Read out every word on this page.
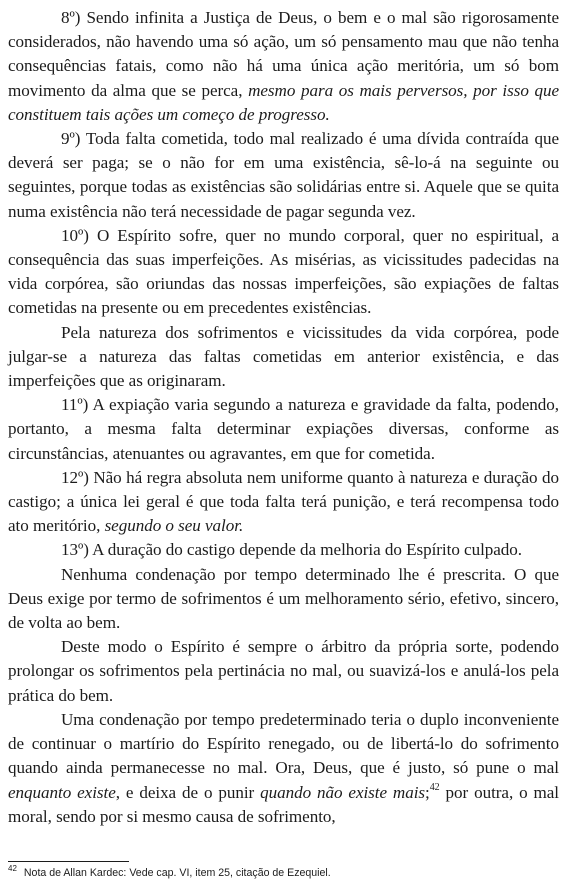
8º) Sendo infinita a Justiça de Deus, o bem e o mal são rigorosamente considerados, não havendo uma só ação, um só pensamento mau que não tenha consequências fatais, como não há uma única ação meritória, um só bom movimento da alma que se perca, mesmo para os mais perversos, por isso que constituem tais ações um começo de progresso.

9º) Toda falta cometida, todo mal realizado é uma dívida contraída que deverá ser paga; se o não for em uma existência, sê-lo-á na seguinte ou seguintes, porque todas as existências são solidárias entre si. Aquele que se quita numa existência não terá necessidade de pagar segunda vez.

10º) O Espírito sofre, quer no mundo corporal, quer no espiritual, a consequência das suas imperfeições. As misérias, as vicissitudes padecidas na vida corpórea, são oriundas das nossas imperfeições, são expiações de faltas cometidas na presente ou em precedentes existências.

Pela natureza dos sofrimentos e vicissitudes da vida corpórea, pode julgar-se a natureza das faltas cometidas em anterior existência, e das imperfeições que as originaram.

11º) A expiação varia segundo a natureza e gravidade da falta, podendo, portanto, a mesma falta determinar expiações diversas, conforme as circunstâncias, atenuantes ou agravantes, em que for cometida.

12º) Não há regra absoluta nem uniforme quanto à natureza e duração do castigo; a única lei geral é que toda falta terá punição, e terá recompensa todo ato meritório, segundo o seu valor.

13º) A duração do castigo depende da melhoria do Espírito culpado.

Nenhuma condenação por tempo determinado lhe é prescrita. O que Deus exige por termo de sofrimentos é um melhoramento sério, efetivo, sincero, de volta ao bem.

Deste modo o Espírito é sempre o árbitro da própria sorte, podendo prolongar os sofrimentos pela pertinácia no mal, ou suavizá-los e anulá-los pela prática do bem.

Uma condenação por tempo predeterminado teria o duplo inconveniente de continuar o martírio do Espírito renegado, ou de libertá-lo do sofrimento quando ainda permanecesse no mal. Ora, Deus, que é justo, só pune o mal enquanto existe, e deixa de o punir quando não existe mais;$^{42}$ por outra, o mal moral, sendo por si mesmo causa de sofrimento,

$^{42}$ Nota de Allan Kardec: Vede cap. VI, item 25, citação de Ezequiel.
